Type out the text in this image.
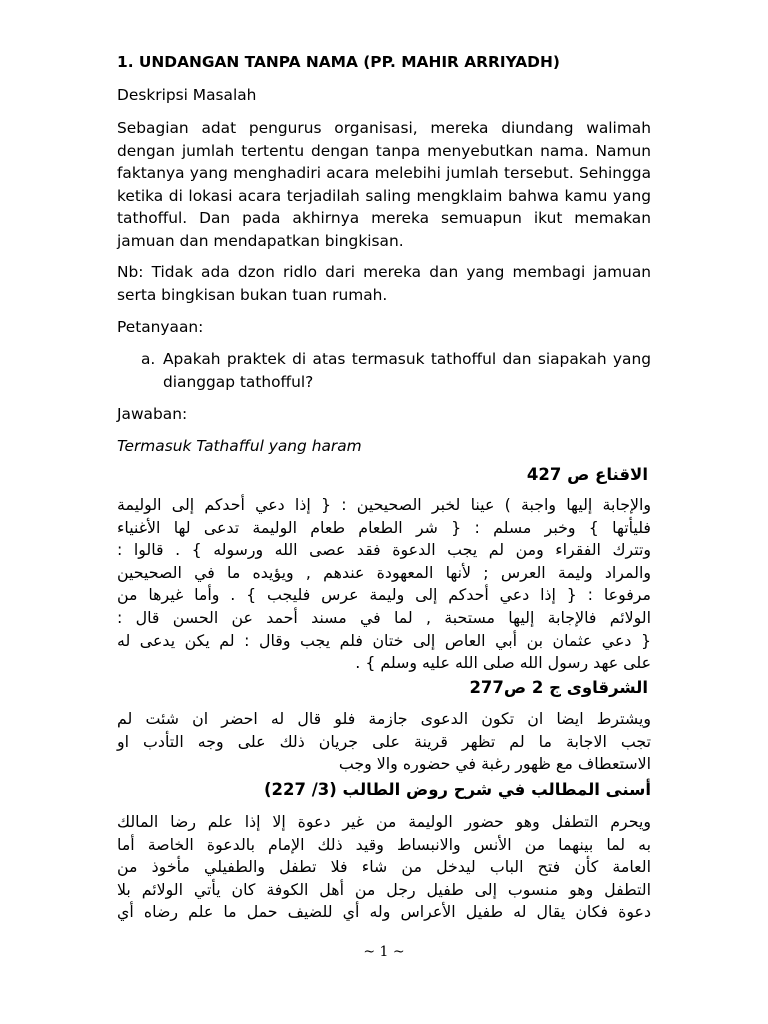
1. UNDANGAN TANPA NAMA (PP. MAHIR ARRIYADH)
Deskripsi Masalah
Sebagian adat pengurus organisasi, mereka diundang walimah dengan jumlah tertentu dengan tanpa menyebutkan nama. Namun faktanya yang menghadiri acara melebihi jumlah tersebut. Sehingga ketika di lokasi acara terjadilah saling mengklaim bahwa kamu yang tathofful. Dan pada akhirnya mereka semuapun ikut memakan jamuan dan mendapatkan bingkisan.
Nb: Tidak ada dzon ridlo dari mereka dan yang membagi jamuan serta bingkisan bukan tuan rumah.
Petanyaan:
a. Apakah praktek di atas termasuk tathofful dan siapakah yang dianggap tathofful?
Jawaban:
Termasuk Tathafful yang haram
الاقناع ص 427
والإجابة إليها واجبة ) عينا لخبر الصحيحين : { إذا دعي أحدكم إلى الوليمة
فليأتها } وخبر مسلم : { شر الطعام طعام الوليمة تدعى لها الأغنياء
وتترك الفقراء ومن لم يجب الدعوة فقد عصى الله ورسوله } . قالوا :
والمراد وليمة العرس ; لأنها المعهودة عندهم , ويؤيده ما في الصحيحين
مرفوعا : { إذا دعي أحدكم إلى وليمة عرس فليجب } . وأما غيرها من
الولائم فالإجابة إليها مستحبة , لما في مسند أحمد عن الحسن قال :
{ دعي عثمان بن أبي العاص إلى ختان فلم يجب وقال : لم يكن يدعى له
على عهد رسول الله صلى الله عليه وسلم } .
الشرقاوى ج 2 ص277
ويشترط ايضا ان تكون الدعوى جازمة فلو قال له احضر ان شئت لم
تجب الاجابة ما لم تظهر قرينة على جريان ذلك على وجه التأدب او
الاستعطاف مع ظهور رغبة في حضوره والا وجب
أسنى المطالب في شرح روض الطالب (3/ 227)
ويحرم التطفل وهو حضور الوليمة من غير دعوة إلا إذا علم رضا المالك
به لما بينهما من الأنس والانبساط وقيد ذلك الإمام بالدعوة الخاصة أما
العامة كأن فتح الباب ليدخل من شاء فلا تطفل والطفيلي مأخوذ من
التطفل وهو منسوب إلى طفيل رجل من أهل الكوفة كان يأتي الولائم بلا
دعوة فكان يقال له طفيل الأعراس وله أي للضيف حمل ما علم رضاه أي
~ 1 ~
